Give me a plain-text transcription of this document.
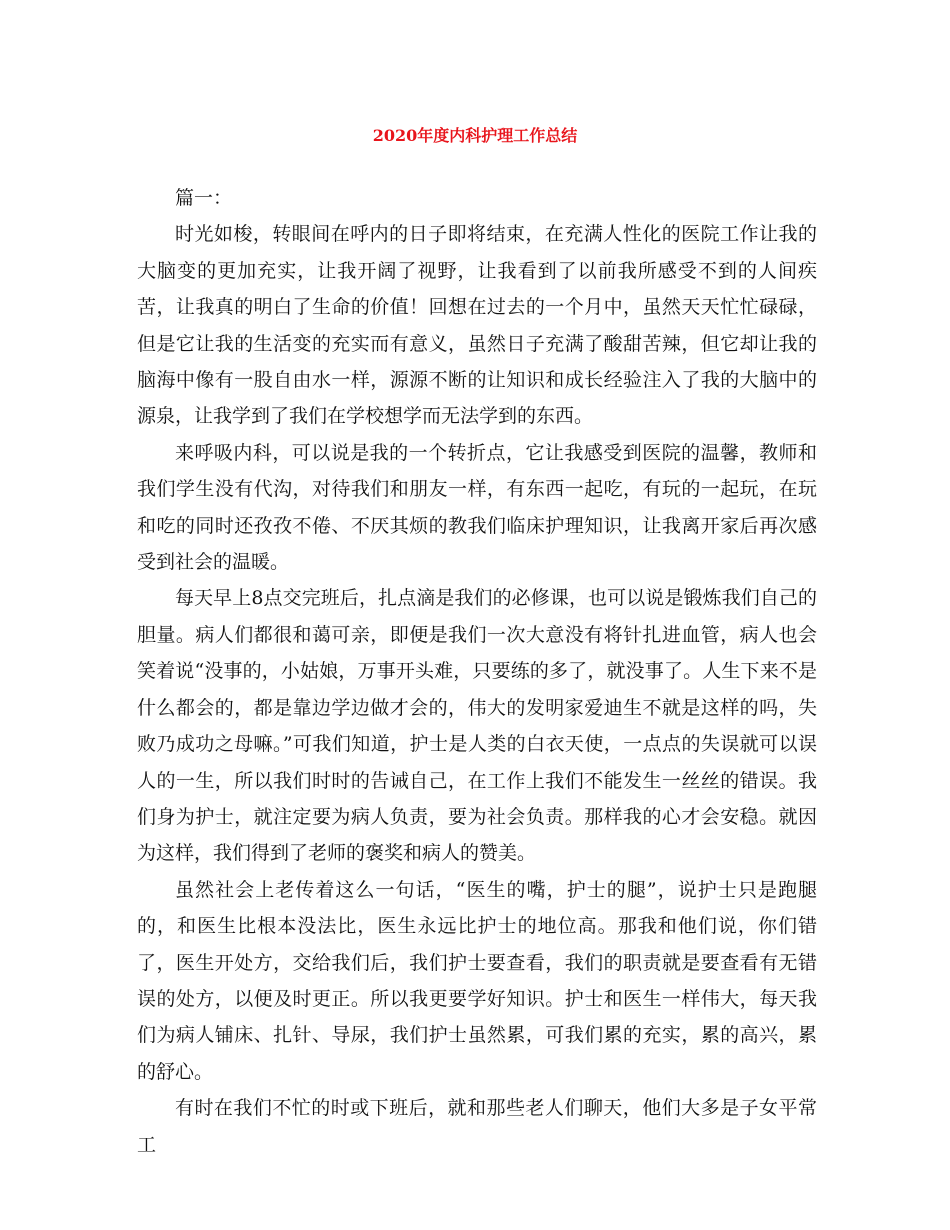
2020年度内科护理工作总结

篇一：

时光如梭，转眼间在呼内的日子即将结束，在充满人性化的医院工作让我的大脑变的更加充实，让我开阔了视野，让我看到了以前我所感受不到的人间疾苦，让我真的明白了生命的价值！回想在过去的一个月中，虽然天天忙忙碌碌，但是它让我的生活变的充实而有意义，虽然日子充满了酸甜苦辣，但它却让我的脑海中像有一股自由水一样，源源不断的让知识和成长经验注入了我的大脑中的源泉，让我学到了我们在学校想学而无法学到的东西。

来呼吸内科，可以说是我的一个转折点，它让我感受到医院的温馨，教师和我们学生没有代沟，对待我们和朋友一样，有东西一起吃，有玩的一起玩，在玩和吃的同时还孜孜不倦、不厌其烦的教我们临床护理知识，让我离开家后再次感受到社会的温暖。

每天早上8点交完班后，扎点滴是我们的必修课，也可以说是锻炼我们自己的胆量。病人们都很和蔼可亲，即便是我们一次大意没有将针扎进血管，病人也会笑着说“没事的，小姑娘，万事开头难，只要练的多了，就没事了。人生下来不是什么都会的，都是靠边学边做才会的，伟大的发明家爱迪生不就是这样的吗，失败乃成功之母嘛。”可我们知道，护士是人类的白衣天使，一点点的失误就可以误人的一生，所以我们时时的告诫自己，在工作上我们不能发生一丝丝的错误。我们身为护士，就注定要为病人负责，要为社会负责。那样我的心才会安稳。就因为这样，我们得到了老师的褒奖和病人的赞美。

虽然社会上老传着这么一句话，“医生的嘴，护士的腿”，说护士只是跑腿的，和医生比根本没法比，医生永远比护士的地位高。那我和他们说，你们错了，医生开处方，交给我们后，我们护士要查看，我们的职责就是要查看有无错误的处方，以便及时更正。所以我更要学好知识。护士和医生一样伟大，每天我们为病人铺床、扎针、导尿，我们护士虽然累，可我们累的充实，累的高兴，累的舒心。

有时在我们不忙的时或下班后，就和那些老人们聊天，他们大多是子女平常工
